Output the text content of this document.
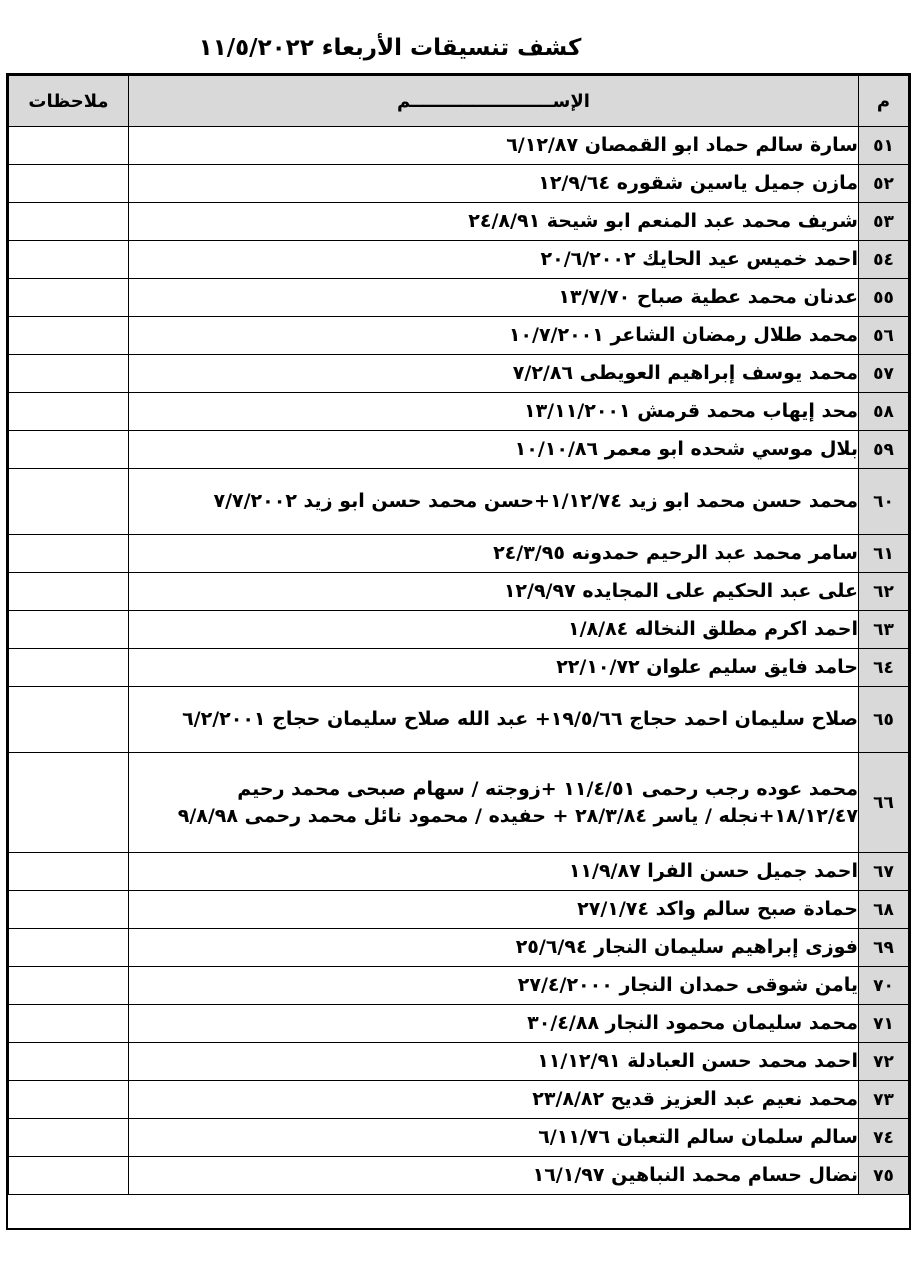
كشف تنسيقات الأربعاء ١١/٥/٢٠٢٢
م	الإســـــــــــــــــــــــم	ملاحظات
٥١	سارة سالم حماد ابو القمصان ٦/١٢/٨٧	
٥٢	مازن جميل ياسين شقوره ١٢/٩/٦٤	
٥٣	شريف محمد عبد المنعم ابو شيحة ٢٤/٨/٩١	
٥٤	احمد خميس عيد الحايك ٢٠/٦/٢٠٠٢	
٥٥	عدنان محمد عطية صباح ١٣/٧/٧٠	
٥٦	محمد طلال رمضان الشاعر ١٠/٧/٢٠٠١	
٥٧	محمد يوسف إبراهيم العويطى ٧/٢/٨٦	
٥٨	محد إيهاب محمد قرمش ١٣/١١/٢٠٠١	
٥٩	بلال موسي شحده ابو معمر ١٠/١٠/٨٦	
٦٠	محمد حسن محمد ابو زيد ١/١٢/٧٤+حسن محمد حسن ابو زيد ٧/٧/٢٠٠٢	
٦١	سامر محمد عبد الرحيم حمدونه ٢٤/٣/٩٥	
٦٢	على عبد الحكيم على المجايده ١٢/٩/٩٧	
٦٣	احمد اكرم مطلق النخاله ١/٨/٨٤	
٦٤	حامد فايق سليم علوان ٢٢/١٠/٧٢	
٦٥	صلاح سليمان احمد حجاج ١٩/٥/٦٦+ عبد الله صلاح سليمان حجاج ٦/٢/٢٠٠١	
٦٦	محمد عوده رجب رحمى ١١/٤/٥١ +زوجته / سهام صبحى محمد رحيم ١٨/١٢/٤٧+نجله / ياسر ٢٨/٣/٨٤ + حفيده / محمود نائل محمد رحمى ٩/٨/٩٨	
٦٧	احمد جميل حسن الفرا ١١/٩/٨٧	
٦٨	حمادة صبح سالم واكد ٢٧/١/٧٤	
٦٩	فوزى إبراهيم سليمان النجار ٢٥/٦/٩٤	
٧٠	يامن شوقى حمدان النجار ٢٧/٤/٢٠٠٠	
٧١	محمد سليمان محمود النجار ٣٠/٤/٨٨	
٧٢	احمد محمد حسن العبادلة ١١/١٢/٩١	
٧٣	محمد نعيم عبد العزيز قديح ٢٣/٨/٨٢	
٧٤	سالم سلمان سالم التعبان ٦/١١/٧٦	
٧٥	نضال حسام محمد النباهين ١٦/١/٩٧	
